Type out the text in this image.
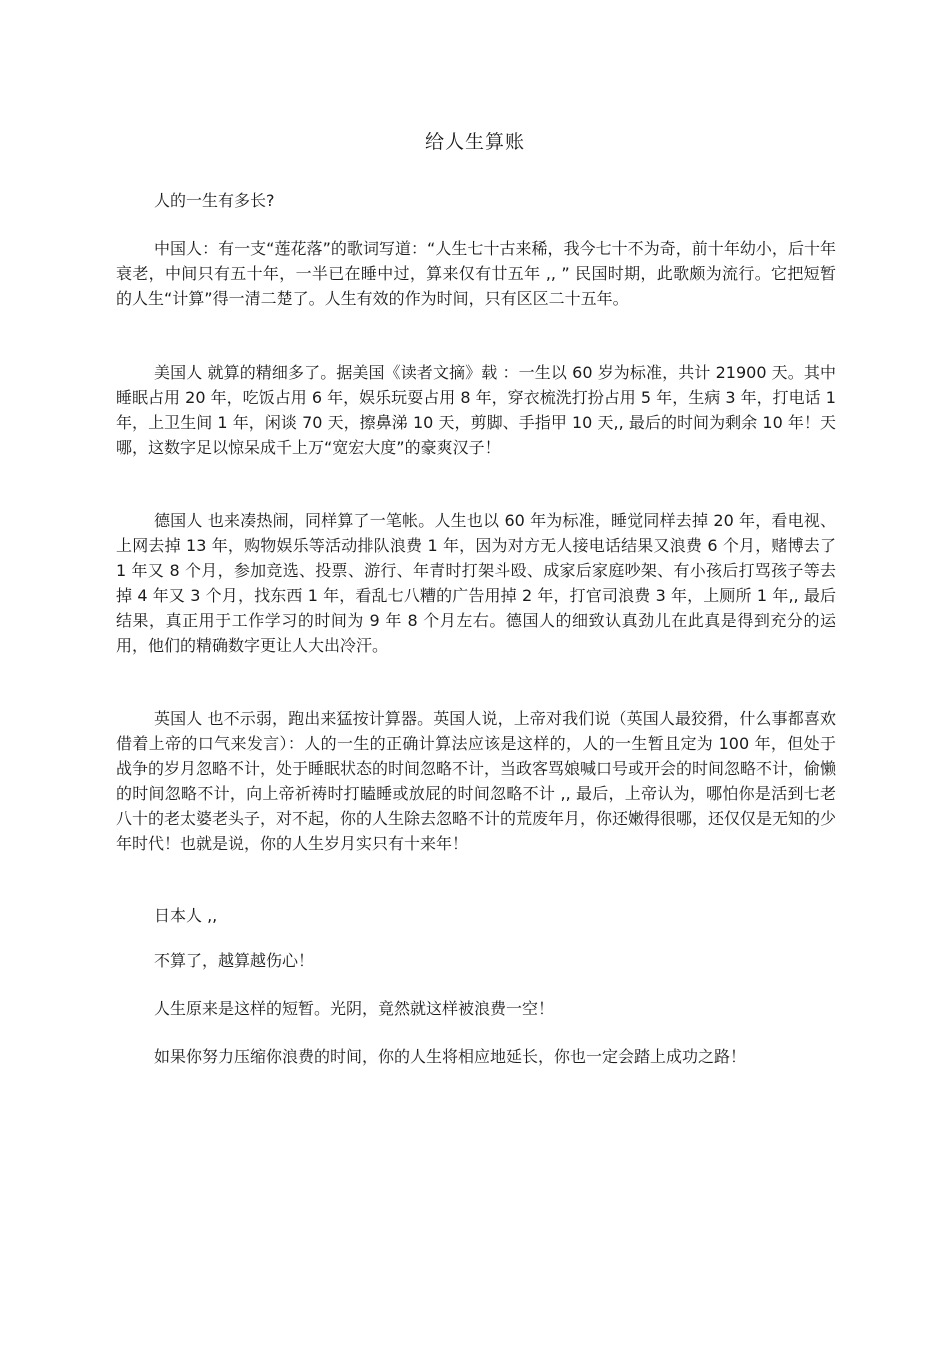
给人生算账

人的一生有多长?

中国人：有一支“莲花落”的歌词写道：“人生七十古来稀，我今七十不为奇，前十年幼小，后十年衰老，中间只有五十年，一半已在睡中过，算来仅有廿五年 ,, ” 民国时期，此歌颇为流行。它把短暂的人生“计算”得一清二楚了。人生有效的作为时间，只有区区二十五年。

美国人 就算的精细多了。据美国《读者文摘》载 ：一生以 60 岁为标准，共计 21900 天。其中睡眠占用 20 年，吃饭占用 6 年，娱乐玩耍占用 8 年，穿衣梳洗打扮占用 5 年，生病 3 年，打电话 1 年，上卫生间 1 年，闲谈 70 天，擦鼻涕 10 天，剪脚、手指甲 10 天,, 最后的时间为剩余 10 年！天哪，这数字足以惊呆成千上万“宽宏大度”的豪爽汉子！

德国人 也来凑热闹，同样算了一笔帐。人生也以 60 年为标准，睡觉同样去掉 20 年，看电视、上网去掉 13 年，购物娱乐等活动排队浪费 1 年，因为对方无人接电话结果又浪费 6 个月，赌博去了 1 年又 8 个月，参加竞选、投票、游行、年青时打架斗殴、成家后家庭吵架、有小孩后打骂孩子等去掉 4 年又 3 个月，找东西 1 年，看乱七八糟的广告用掉 2 年，打官司浪费 3 年，上厕所 1 年,, 最后结果，真正用于工作学习的时间为 9 年 8 个月左右。德国人的细致认真劲儿在此真是得到充分的运用，他们的精确数字更让人大出冷汗。

英国人 也不示弱，跑出来猛按计算器。英国人说，上帝对我们说（英国人最狡猾，什么事都喜欢借着上帝的口气来发言）：人的一生的正确计算法应该是这样的，人的一生暂且定为 100 年，但处于战争的岁月忽略不计，处于睡眠状态的时间忽略不计，当政客骂娘喊口号或开会的时间忽略不计，偷懒的时间忽略不计，向上帝祈祷时打瞌睡或放屁的时间忽略不计 ,, 最后，上帝认为，哪怕你是活到七老八十的老太婆老头子，对不起，你的人生除去忽略不计的荒废年月，你还嫩得很哪，还仅仅是无知的少年时代！也就是说，你的人生岁月实只有十来年！

日本人 ,,

不算了，越算越伤心！

人生原来是这样的短暂。光阴，竟然就这样被浪费一空！

如果你努力压缩你浪费的时间，你的人生将相应地延长，你也一定会踏上成功之路！
